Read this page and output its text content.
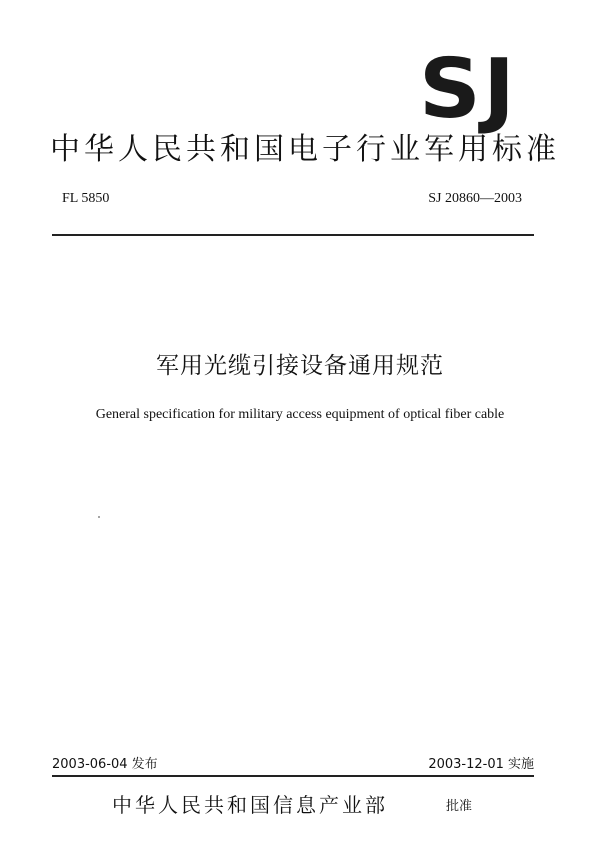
SJ
中华人民共和国电子行业军用标准
FL 5850	SJ 20860—2003
军用光缆引接设备通用规范
General specification for military access equipment of optical fiber cable
2003-06-04 发布	2003-12-01 实施
中华人民共和国信息产业部	批准
